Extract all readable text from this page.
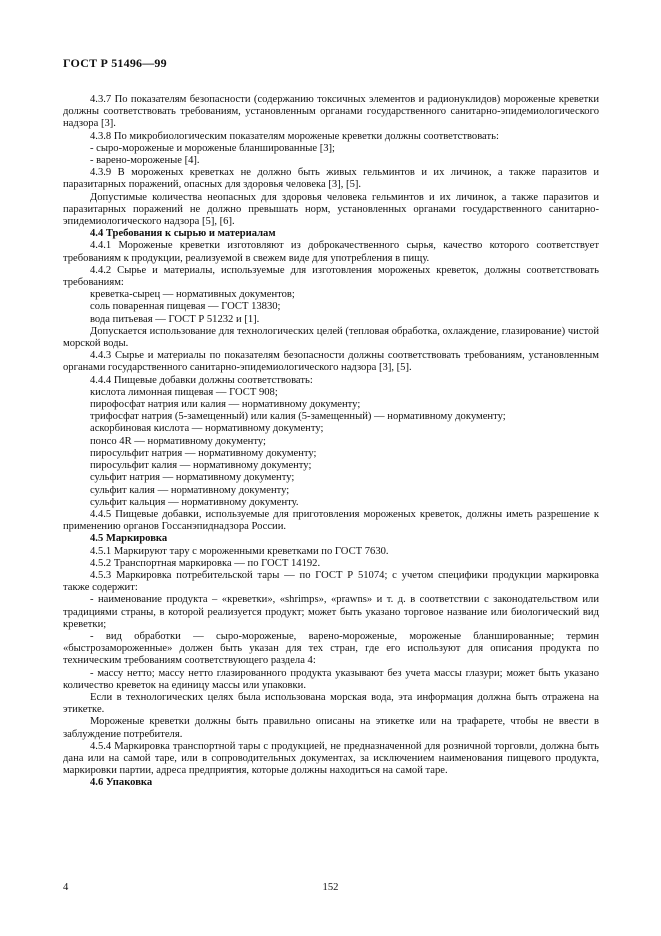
ГОСТ Р 51496—99

4.3.7 По показателям безопасности (содержанию токсичных элементов и радионуклидов) мороженые креветки должны соответствовать требованиям, установленным органами государственного санитарно-эпидемиологического надзора [3].

4.3.8 По микробиологическим показателям мороженые креветки должны соответствовать:

- сыро-мороженые и мороженые бланшированные [3];

- варено-мороженые [4].

4.3.9 В мороженых креветках не должно быть живых гельминтов и их личинок, а также паразитов и паразитарных поражений, опасных для здоровья человека [3], [5].

Допустимые количества неопасных для здоровья человека гельминтов и их личинок, а также паразитов и паразитарных поражений не должно превышать норм, установленных органами государственного санитарно-эпидемиологического надзора [5], [6].

4.4 Требования к сырью и материалам

4.4.1 Мороженые креветки изготовляют из доброкачественного сырья, качество которого соответствует требованиям к продукции, реализуемой в свежем виде для употребления в пищу.

4.4.2 Сырье и материалы, используемые для изготовления мороженых креветок, должны соответствовать требованиям:

креветка-сырец — нормативных документов;

соль поваренная пищевая — ГОСТ 13830;

вода питьевая — ГОСТ Р 51232 и [1].

Допускается использование для технологических целей (тепловая обработка, охлаждение, глазирование) чистой морской воды.

4.4.3 Сырье и материалы по показателям безопасности должны соответствовать требованиям, установленным органами государственного санитарно-эпидемиологического надзора [3], [5].

4.4.4 Пищевые добавки должны соответствовать:

кислота лимонная пищевая — ГОСТ 908;

пирофосфат натрия или калия — нормативному документу;

трифосфат натрия (5-замещенный) или калия (5-замещенный) — нормативному документу;

аскорбиновая кислота — нормативному документу;

понсо 4R — нормативному документу;

пиросульфит натрия — нормативному документу;

пиросульфит калия — нормативному документу;

сульфит натрия — нормативному документу;

сульфит калия — нормативному документу;

сульфит кальция — нормативному документу.

4.4.5 Пищевые добавки, используемые для приготовления мороженых креветок, должны иметь разрешение к применению органов Госсанэпиднадзора России.

4.5 Маркировка

4.5.1 Маркируют тару с мороженными креветками по ГОСТ 7630.

4.5.2 Транспортная маркировка — по ГОСТ 14192.

4.5.3 Маркировка потребительской тары — по ГОСТ Р 51074; с учетом специфики продукции маркировка также содержит:

- наименование продукта – «креветки», «shrimps», «prawns» и т. д. в соответствии с законодательством или традициями страны, в которой реализуется продукт; может быть указано торговое название или биологический вид креветки;

- вид обработки — сыро-мороженые, варено-мороженые, мороженые бланшированные; термин «быстрозамороженные» должен быть указан для тех стран, где его используют для описания продукта по техническим требованиям соответствующего раздела 4:

- массу нетто; массу нетто глазированного продукта указывают без учета массы глазури; может быть указано количество креветок на единицу массы или упаковки.

Если в технологических целях была использована морская вода, эта информация должна быть отражена на этикетке.

Мороженые креветки должны быть правильно описаны на этикетке или на трафарете, чтобы не ввести в заблуждение потребителя.

4.5.4 Маркировка транспортной тары с продукцией, не предназначенной для розничной торговли, должна быть дана или на самой таре, или в сопроводительных документах, за исключением наименования пищевого продукта, маркировки партии, адреса предприятия, которые должны находиться на самой таре.

4.6 Упаковка

4	152
